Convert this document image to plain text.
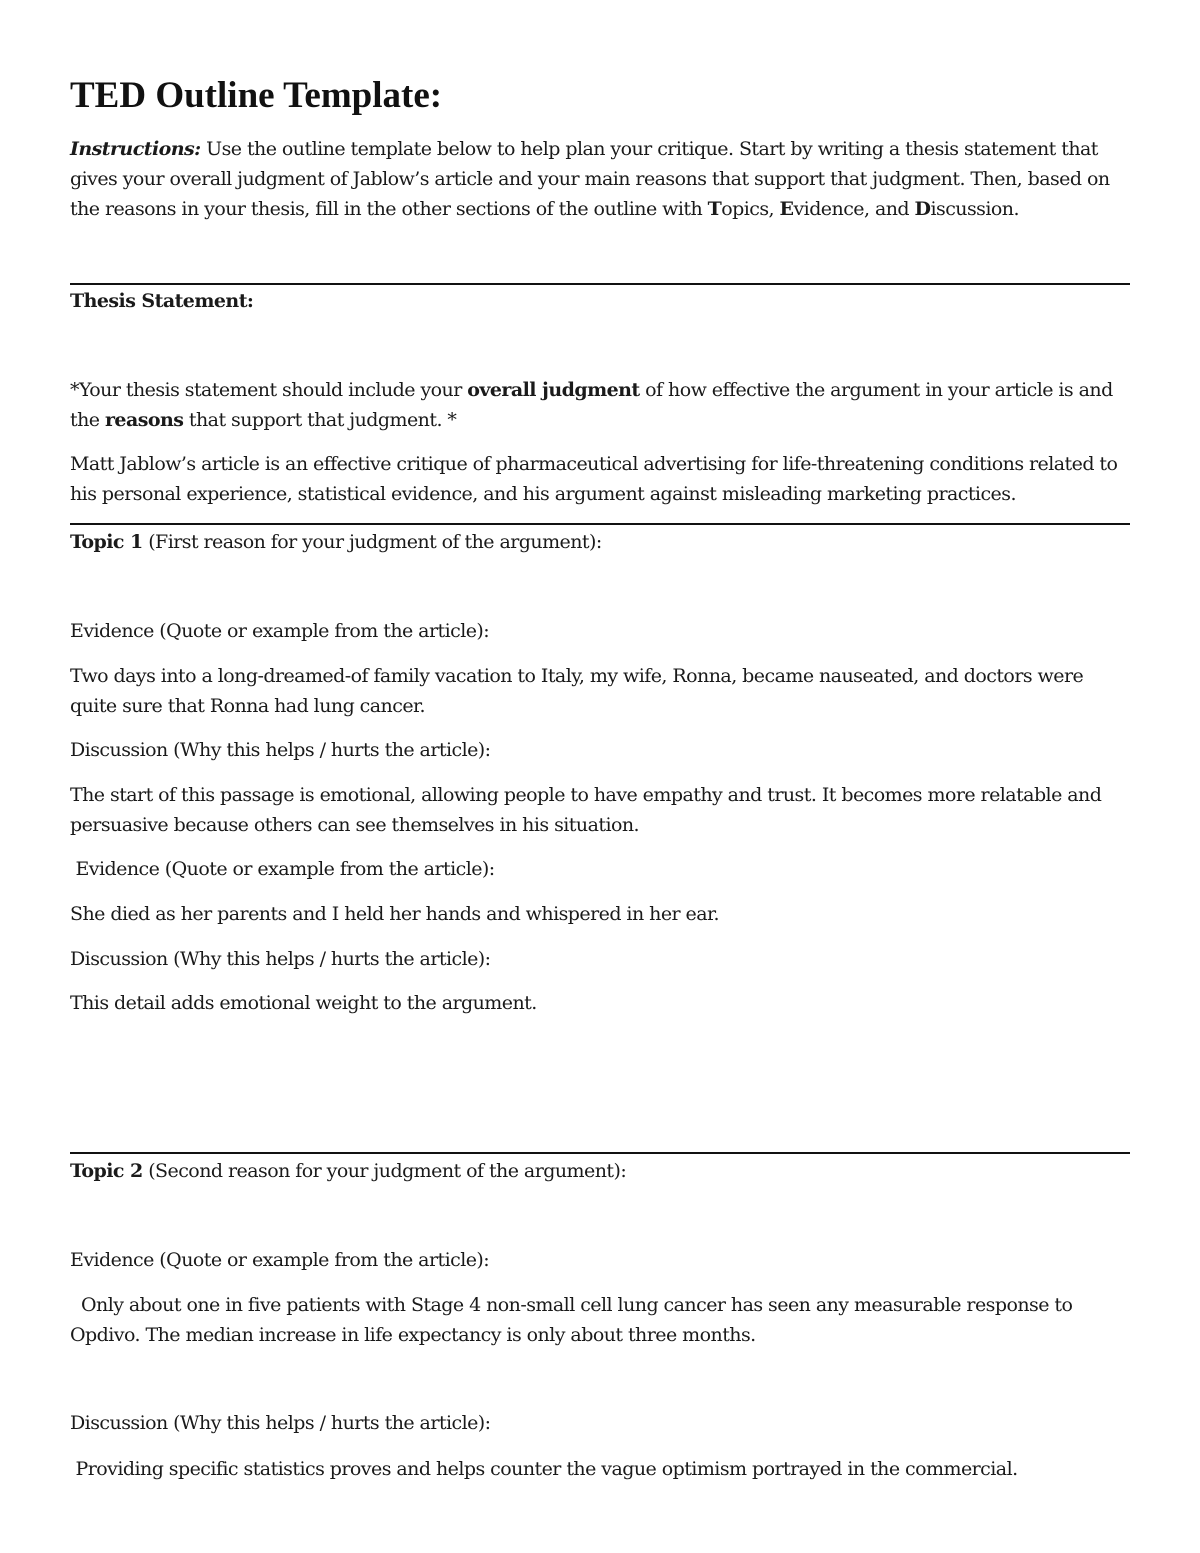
TED Outline Template:

Instructions: Use the outline template below to help plan your critique. Start by writing a thesis statement that gives your overall judgment of Jablow’s article and your main reasons that support that judgment. Then, based on the reasons in your thesis, fill in the other sections of the outline with Topics, Evidence, and Discussion.

Thesis Statement:

*Your thesis statement should include your overall judgment of how effective the argument in your article is and the reasons that support that judgment. *

Matt Jablow’s article is an effective critique of pharmaceutical advertising for life-threatening conditions related to his personal experience, statistical evidence, and his argument against misleading marketing practices.

Topic 1 (First reason for your judgment of the argument):

Evidence (Quote or example from the article):

Two days into a long-dreamed-of family vacation to Italy, my wife, Ronna, became nauseated, and doctors were quite sure that Ronna had lung cancer.

Discussion (Why this helps / hurts the article):

The start of this passage is emotional, allowing people to have empathy and trust. It becomes more relatable and persuasive because others can see themselves in his situation.

Evidence (Quote or example from the article):

She died as her parents and I held her hands and whispered in her ear.

Discussion (Why this helps / hurts the article):

This detail adds emotional weight to the argument.

Topic 2 (Second reason for your judgment of the argument):

Evidence (Quote or example from the article):

Only about one in five patients with Stage 4 non-small cell lung cancer has seen any measurable response to Opdivo. The median increase in life expectancy is only about three months.

Discussion (Why this helps / hurts the article):

Providing specific statistics proves and helps counter the vague optimism portrayed in the commercial.
